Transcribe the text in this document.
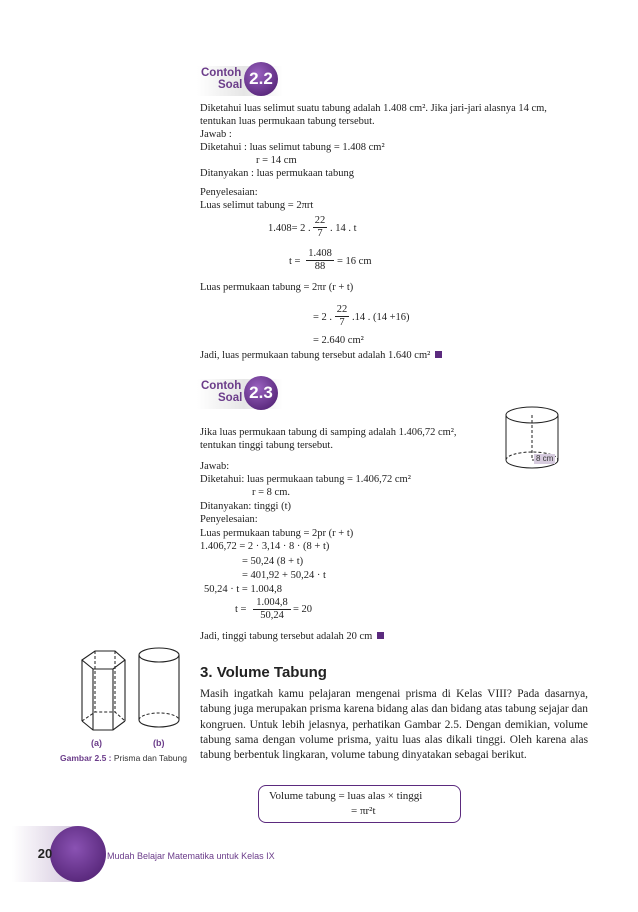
Contoh
Soal 2.2
Diketahui luas selimut suatu tabung adalah 1.408 cm². Jika jari-jari alasnya 14 cm,
tentukan luas permukaan tabung tersebut.
Jawab :
Diketahui : luas selimut tabung = 1.408 cm²
r = 14 cm
Ditanyakan : luas permukaan tabung
Penyelesaian:
Luas selimut tabung = 2πrt
1.408= 2 . $\frac{22}{7}$ . 14 . t
$t = \frac{1.408}{88} = 16$ cm
Luas permukaan tabung = 2πr (r + t)
= 2 . $\frac{22}{7} .14$ . (14 +16)
= 2.640 cm²
Jadi, luas permukaan tabung tersebut adalah 1.640 cm²
Contoh
Soal 2.3
8 cm
Jika luas permukaan tabung di samping adalah 1.406,72 cm²,
tentukan tinggi tabung tersebut.
Jawab:
Diketahui: luas permukaan tabung = 1.406,72 cm²
r = 8 cm.
Ditanyakan: tinggi (t)
Penyelesaian:
Luas permukaan tabung = 2pr (r + t)
1.406,72 = 2 · 3,14 · 8 · (8 + t)
= 50,24 (8 + t)
= 401,92 + 50,24 · t
50,24 · t = 1.004,8
$t = \frac{1.004,8}{50,24} = 20$
Jadi, tinggi tabung tersebut adalah 20 cm
(a)	(b)
Gambar 2.5 : Prisma dan Tabung
3. Volume Tabung
Masih ingatkah kamu pelajaran mengenai prisma di Kelas VIII? Pada dasarnya, tabung juga merupakan prisma karena bidang alas dan bidang atas tabung sejajar dan kongruen. Untuk lebih jelasnya, perhatikan Gambar 2.5. Dengan demikian, volume tabung sama dengan volume prisma, yaitu luas alas dikali tinggi. Oleh karena alas tabung berbentuk lingkaran, volume tabung dinyatakan sebagai berikut.
Volume tabung = luas alas × tinggi
= πr²t
20	Mudah Belajar Matematika untuk Kelas IX
